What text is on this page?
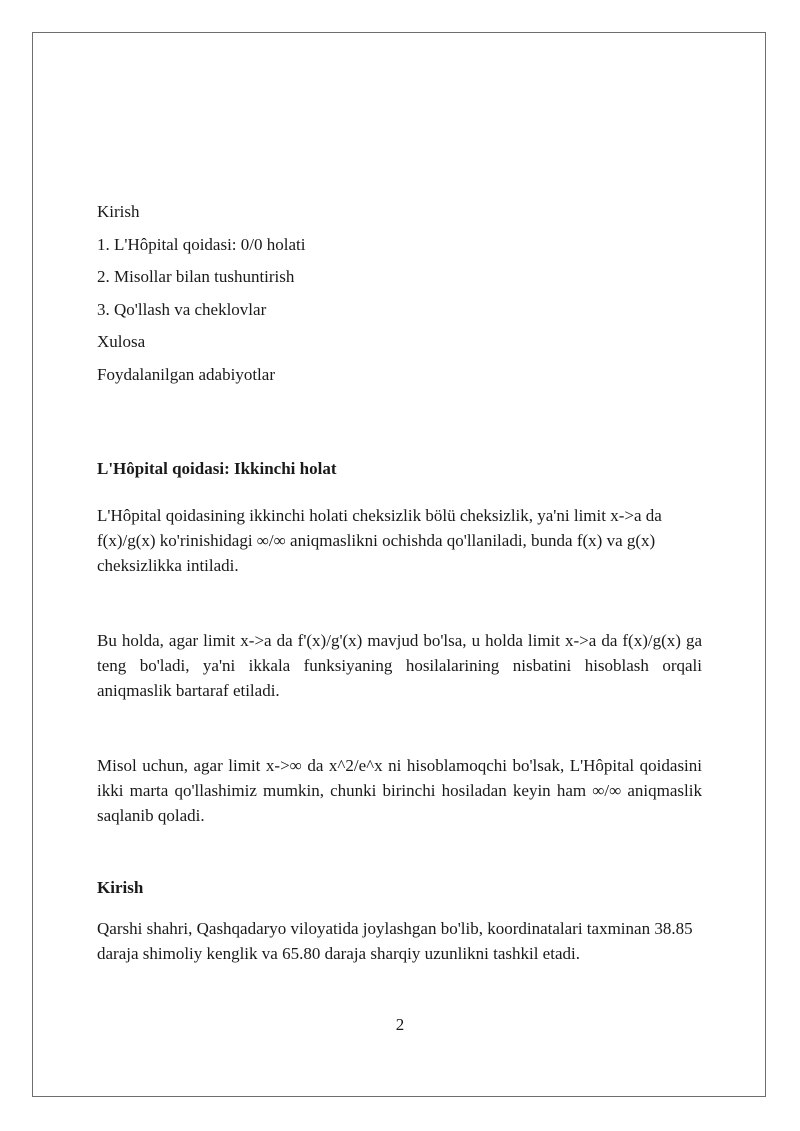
Kirish

1. L'Hôpital qoidasi: 0/0 holati

2. Misollar bilan tushuntirish

3. Qo'llash va cheklovlar

Xulosa

Foydalanilgan adabiyotlar

L'Hôpital qoidasi: Ikkinchi holat

L'Hôpital qoidasining ikkinchi holati cheksizlik bölü cheksizlik, ya'ni limit x->a da f(x)/g(x) ko'rinishidagi ∞/∞ aniqmaslikni ochishda qo'llaniladi, bunda f(x) va g(x) cheksizlikka intiladi.

Bu holda, agar limit x->a da f'(x)/g'(x) mavjud bo'lsa, u holda limit x->a da f(x)/g(x) ga teng bo'ladi, ya'ni ikkala funksiyaning hosilalarining nisbatini hisoblash orqali aniqmaslik bartaraf etiladi.

Misol uchun, agar limit x->∞ da x^2/e^x ni hisoblamoqchi bo'lsak, L'Hôpital qoidasini ikki marta qo'llashimiz mumkin, chunki birinchi hosiladan keyin ham ∞/∞ aniqmaslik saqlanib qoladi.

Kirish

Qarshi shahri, Qashqadaryo viloyatida joylashgan bo'lib, koordinatalari taxminan 38.85 daraja shimoliy kenglik va 65.80 daraja sharqiy uzunlikni tashkil etadi.

2
